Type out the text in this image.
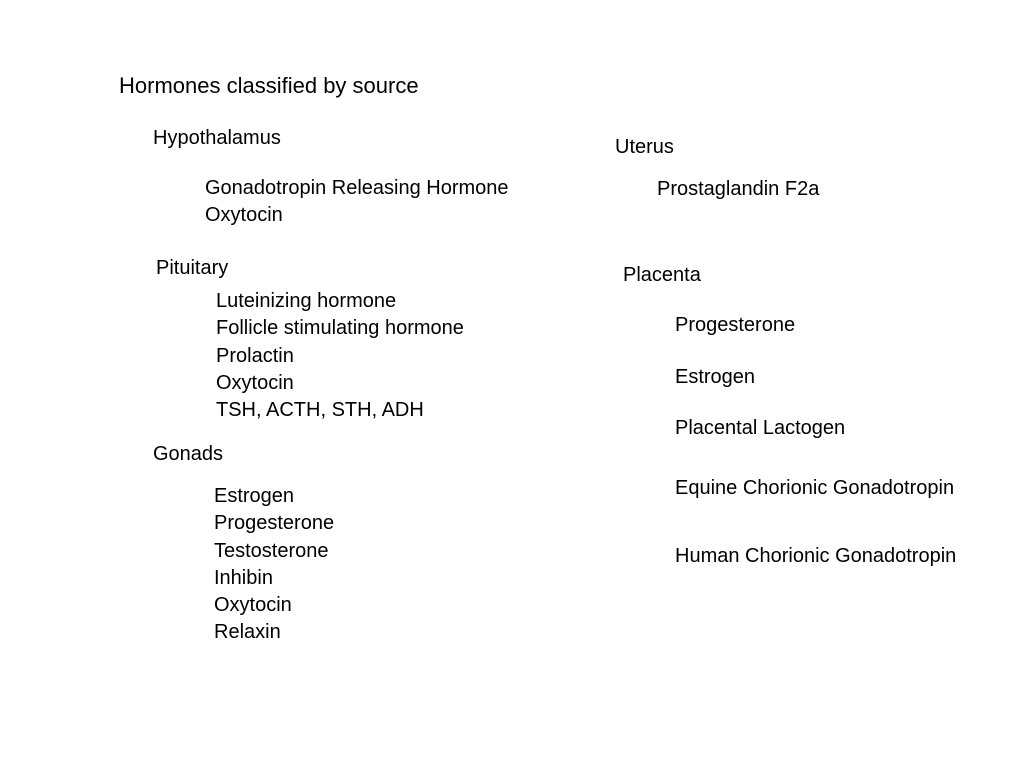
Hormones classified by source
Hypothalamus
Gonadotropin Releasing Hormone
Oxytocin
Pituitary
Luteinizing hormone
Follicle stimulating hormone
Prolactin
Oxytocin
TSH, ACTH, STH, ADH
Gonads
Estrogen
Progesterone
Testosterone
Inhibin
Oxytocin
Relaxin
Uterus
Prostaglandin F2a
Placenta
Progesterone
Estrogen
Placental Lactogen
Equine Chorionic Gonadotropin
Human Chorionic Gonadotropin
